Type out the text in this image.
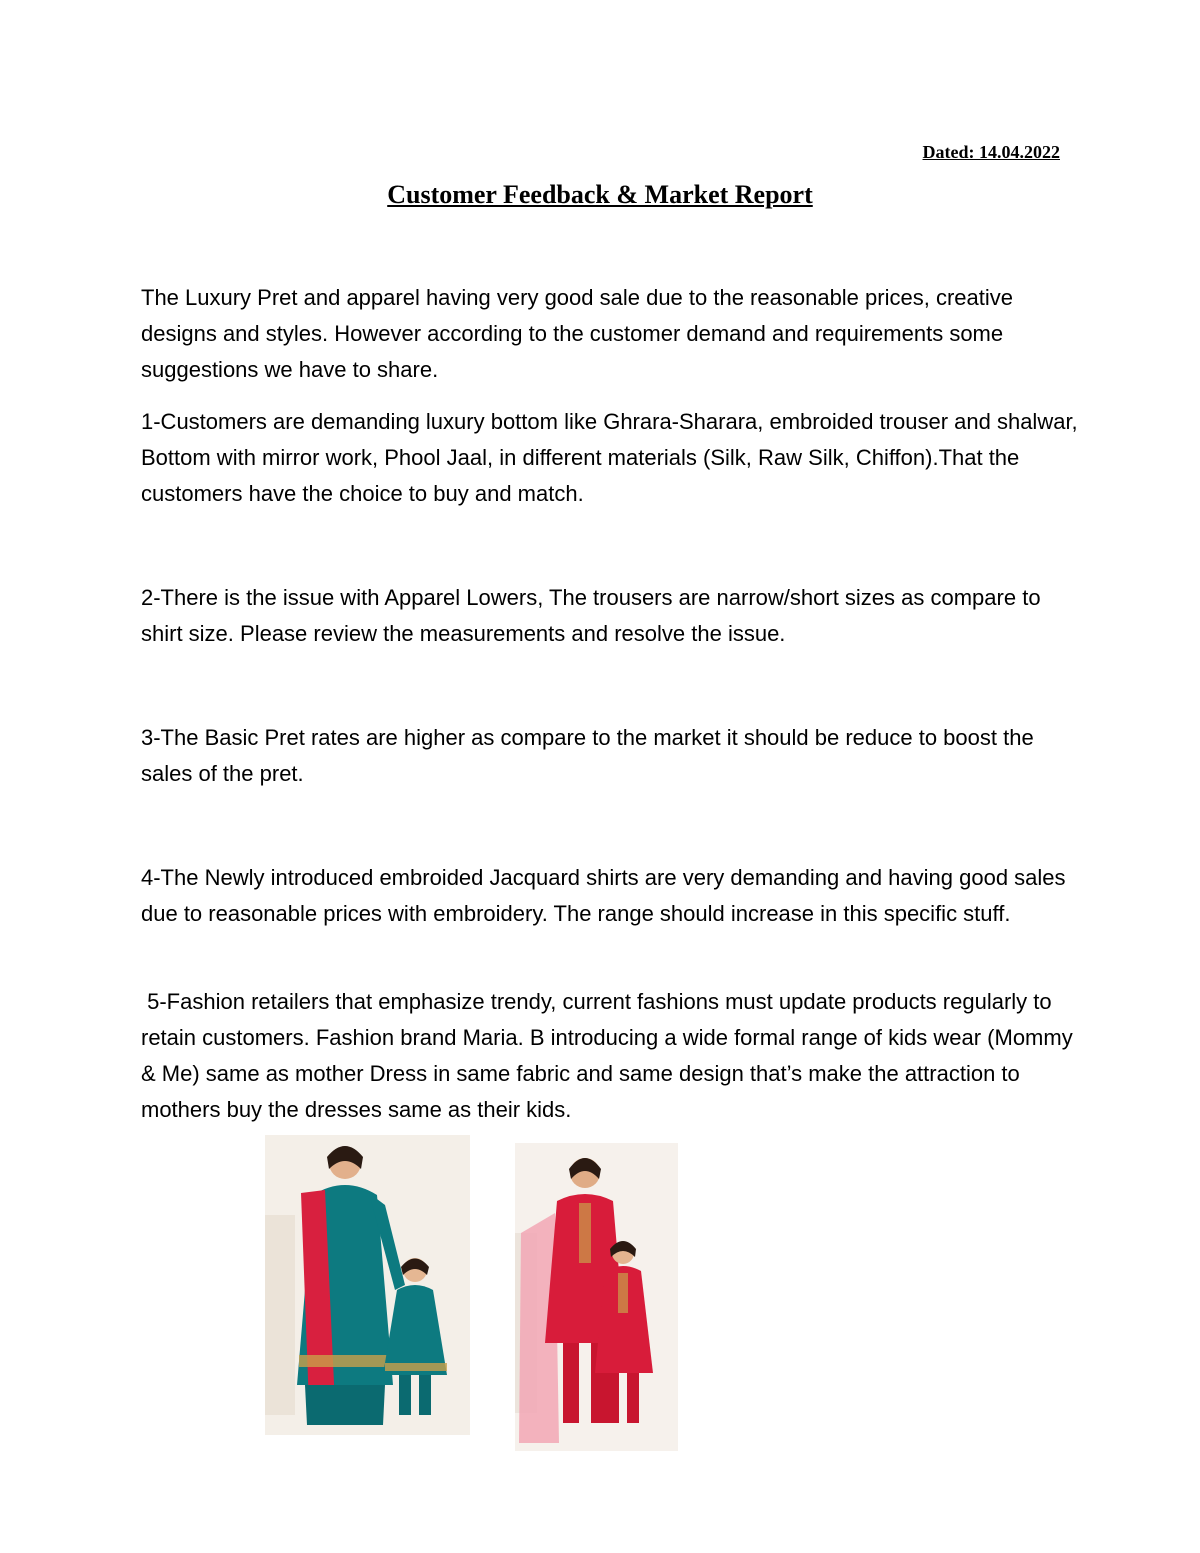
Dated: 14.04.2022
Customer Feedback & Market Report

The Luxury Pret and apparel having very good sale due to the reasonable prices, creative designs and styles. However according to the customer demand and requirements some suggestions we have to share.

1-Customers are demanding luxury bottom like Ghrara-Sharara, embroided trouser and shalwar, Bottom with mirror work, Phool Jaal, in different materials (Silk, Raw Silk, Chiffon).That the customers have the choice to buy and match.

2-There is the issue with Apparel Lowers, The trousers are narrow/short sizes as compare to shirt size. Please review the measurements and resolve the issue.

3-The Basic Pret rates are higher as compare to the market it should be reduce to boost the sales of the pret.

4-The Newly introduced embroided Jacquard shirts are very demanding and having good sales due to reasonable prices with embroidery. The range should increase in this specific stuff.

5-Fashion retailers that emphasize trendy, current fashions must update products regularly to retain customers. Fashion brand Maria. B introducing a wide formal range of kids wear (Mommy & Me) same as mother Dress in same fabric and same design that’s make the attraction to mothers buy the dresses same as their kids.
